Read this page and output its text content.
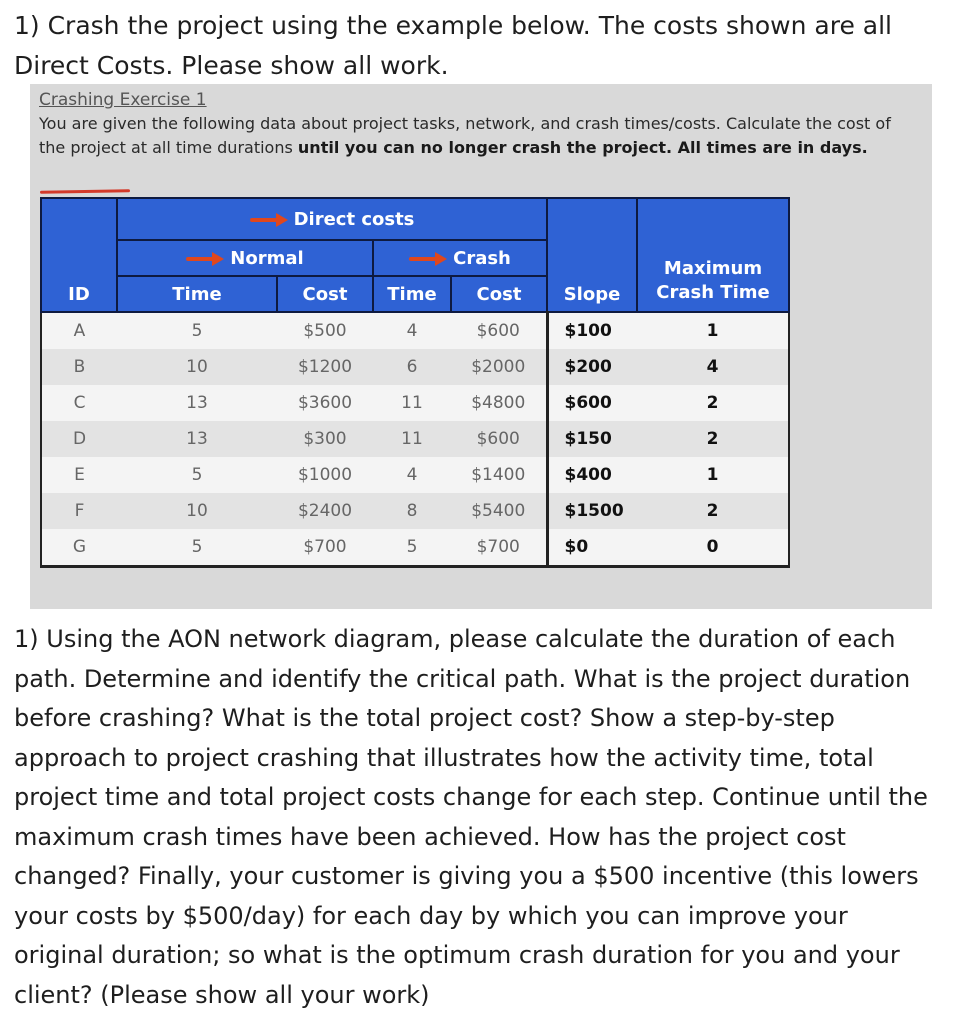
1) Crash the project using the example below. The costs shown are all Direct Costs. Please show all work.

Crashing Exercise 1

You are given the following data about project tasks, network, and crash times/costs. Calculate the cost of the project at all time durations until you can no longer crash the project. All times are in days.

ID	Direct costs				Slope	Maximum Crash Time
	Normal		Crash			
	Time	Cost	Time	Cost		
A	5	$500	4	$600	$100	1
B	10	$1200	6	$2000	$200	4
C	13	$3600	11	$4800	$600	2
D	13	$300	11	$600	$150	2
E	5	$1000	4	$1400	$400	1
F	10	$2400	8	$5400	$1500	2
G	5	$700	5	$700	$0	0

1) Using the AON network diagram, please calculate the duration of each path. Determine and identify the critical path. What is the project duration before crashing? What is the total project cost? Show a step-by-step approach to project crashing that illustrates how the activity time, total project time and total project costs change for each step. Continue until the maximum crash times have been achieved. How has the project cost changed? Finally, your customer is giving you a $500 incentive (this lowers your costs by $500/day) for each day by which you can improve your original duration; so what is the optimum crash duration for you and your client? (Please show all your work)
